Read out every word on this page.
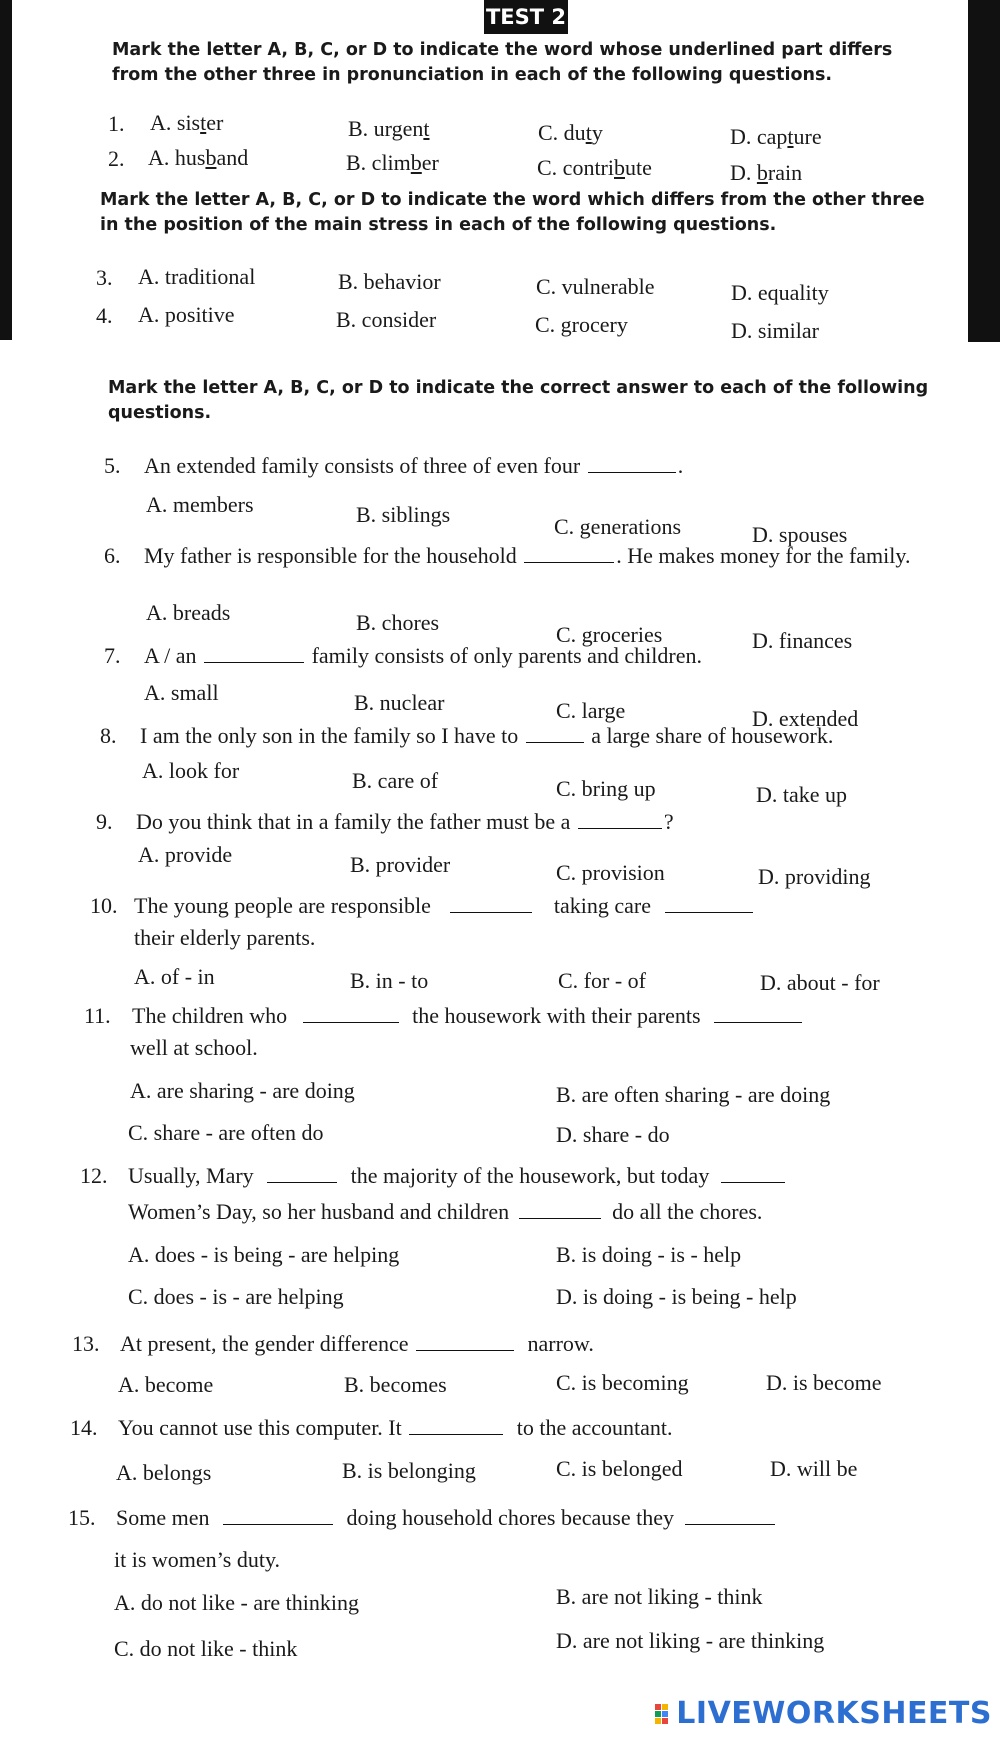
TEST 2

Mark the letter A, B, C, or D to indicate the word whose underlined part differs from the other three in pronunciation in each of the following questions.

1.	A. sister	B. urgent	C. duty	D. capture
2.	A. husband	B. climber	C. contribute	D. brain

Mark the letter A, B, C, or D to indicate the word which differs from the other three in the position of the main stress in each of the following questions.

3.	A. traditional	B. behavior	C. vulnerable	D. equality
4.	A. positive	B. consider	C. grocery	D. similar

Mark the letter A, B, C, or D to indicate the correct answer to each of the following questions.

5. An extended family consists of three of even four	.
A. members	B. siblings	C. generations	D. spouses
6. My father is responsible for the household	. He makes money for the family.
A. breads	B. chores	C. groceries	D. finances
7. A / an	family consists of only parents and children.
A. small	B. nuclear	C. large	D. extended
8. I am the only son in the family so I have to	a large share of housework.
A. look for	B. care of	C. bring up	D. take up
9. Do you think that in a family the father must be a	?
A. provide	B. provider	C. provision	D. providing
10. The young people are responsible	taking care
their elderly parents.
A. of - in	B. in - to	C. for - of	D. about - for
11. The children who	the housework with their parents
well at school.
A. are sharing - are doing	B. are often sharing - are doing
C. share - are often do	D. share - do
12. Usually, Mary	the majority of the housework, but today
Women’s Day, so her husband and children	do all the chores.
A. does - is being - are helping	B. is doing - is - help
C. does - is - are helping	D. is doing - is being - help
13. At present, the gender difference	narrow.
A. become	B. becomes	C. is becoming	D. is become
14. You cannot use this computer. It	to the accountant.
A. belongs	B. is belonging	C. is belonged	D. will be
15. Some men	doing household chores because they
it is women’s duty.
A. do not like - are thinking	B. are not liking - think
C. do not like - think	D. are not liking - are thinking
LIVEWORKSHEETS
